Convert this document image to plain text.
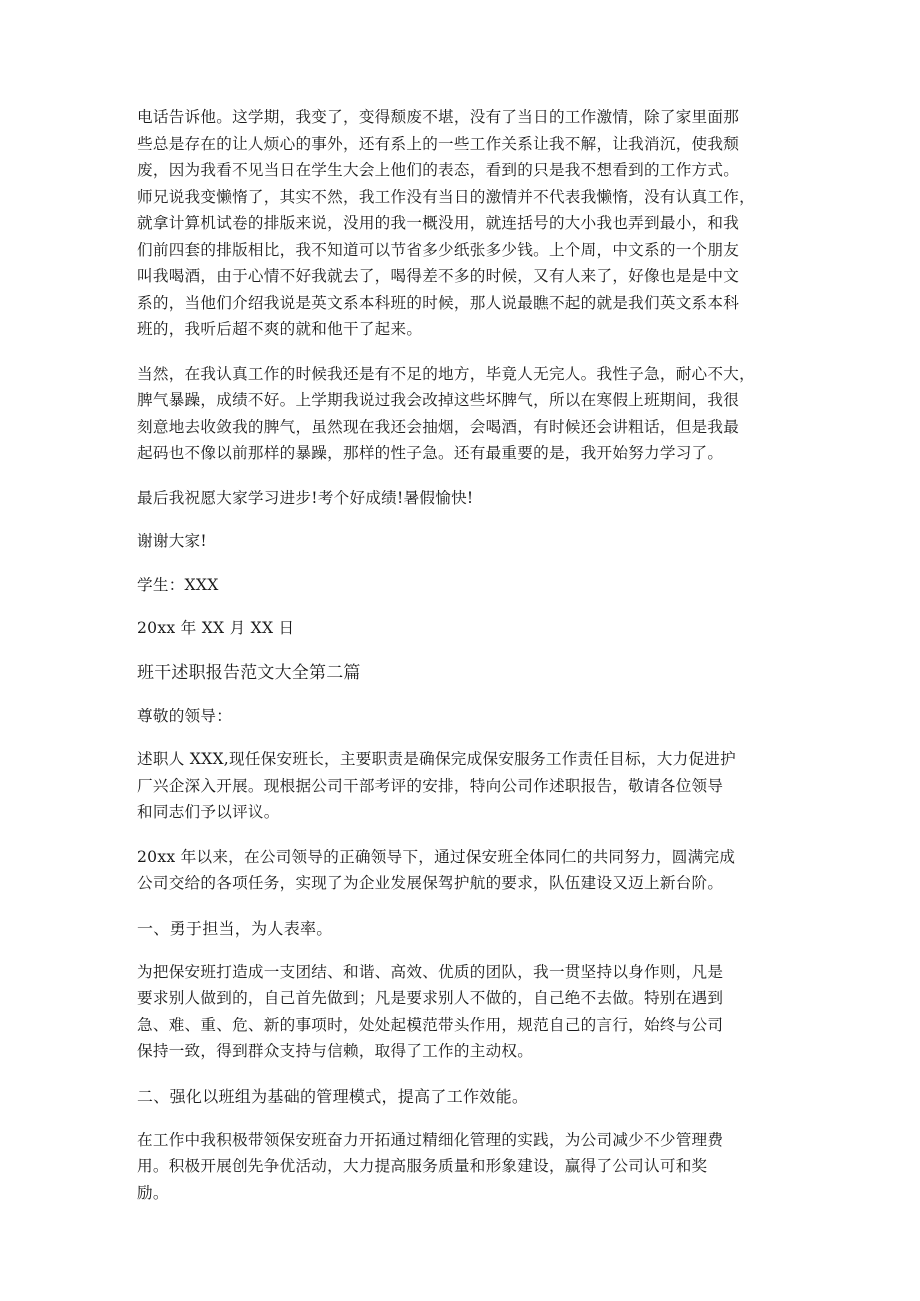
电话告诉他。这学期，我变了，变得颓废不堪，没有了当日的工作激情，除了家里面那
些总是存在的让人烦心的事外，还有系上的一些工作关系让我不解，让我消沉，使我颓
废，因为我看不见当日在学生大会上他们的表态，看到的只是我不想看到的工作方式。
师兄说我变懒惰了，其实不然，我工作没有当日的激情并不代表我懒惰，没有认真工作，
就拿计算机试卷的排版来说，没用的我一概没用，就连括号的大小我也弄到最小，和我
们前四套的排版相比，我不知道可以节省多少纸张多少钱。上个周，中文系的一个朋友
叫我喝酒，由于心情不好我就去了，喝得差不多的时候，又有人来了，好像也是是中文
系的，当他们介绍我说是英文系本科班的时候，那人说最瞧不起的就是我们英文系本科
班的，我听后超不爽的就和他干了起来。
当然，在我认真工作的时候我还是有不足的地方，毕竟人无完人。我性子急，耐心不大，
脾气暴躁，成绩不好。上学期我说过我会改掉这些坏脾气，所以在寒假上班期间，我很
刻意地去收敛我的脾气，虽然现在我还会抽烟，会喝酒，有时候还会讲粗话，但是我最
起码也不像以前那样的暴躁，那样的性子急。还有最重要的是，我开始努力学习了。
最后我祝愿大家学习进步!考个好成绩!暑假愉快!
谢谢大家!
学生：XXX
20xx 年 XX 月 XX 日
班干述职报告范文大全第二篇
尊敬的领导：
述职人 XXX,现任保安班长，主要职责是确保完成保安服务工作责任目标，大力促进护
厂兴企深入开展。现根据公司干部考评的安排，特向公司作述职报告，敬请各位领导
和同志们予以评议。
20xx 年以来，在公司领导的正确领导下，通过保安班全体同仁的共同努力，圆满完成
公司交给的各项任务，实现了为企业发展保驾护航的要求，队伍建设又迈上新台阶。
一、勇于担当，为人表率。
为把保安班打造成一支团结、和谐、高效、优质的团队，我一贯坚持以身作则，凡是
要求别人做到的，自己首先做到；凡是要求别人不做的，自己绝不去做。特别在遇到
急、难、重、危、新的事项时，处处起模范带头作用，规范自己的言行，始终与公司
保持一致，得到群众支持与信赖，取得了工作的主动权。
二、强化以班组为基础的管理模式，提高了工作效能。
在工作中我积极带领保安班奋力开拓通过精细化管理的实践，为公司减少不少管理费
用。积极开展创先争优活动，大力提高服务质量和形象建设，赢得了公司认可和奖
励。
